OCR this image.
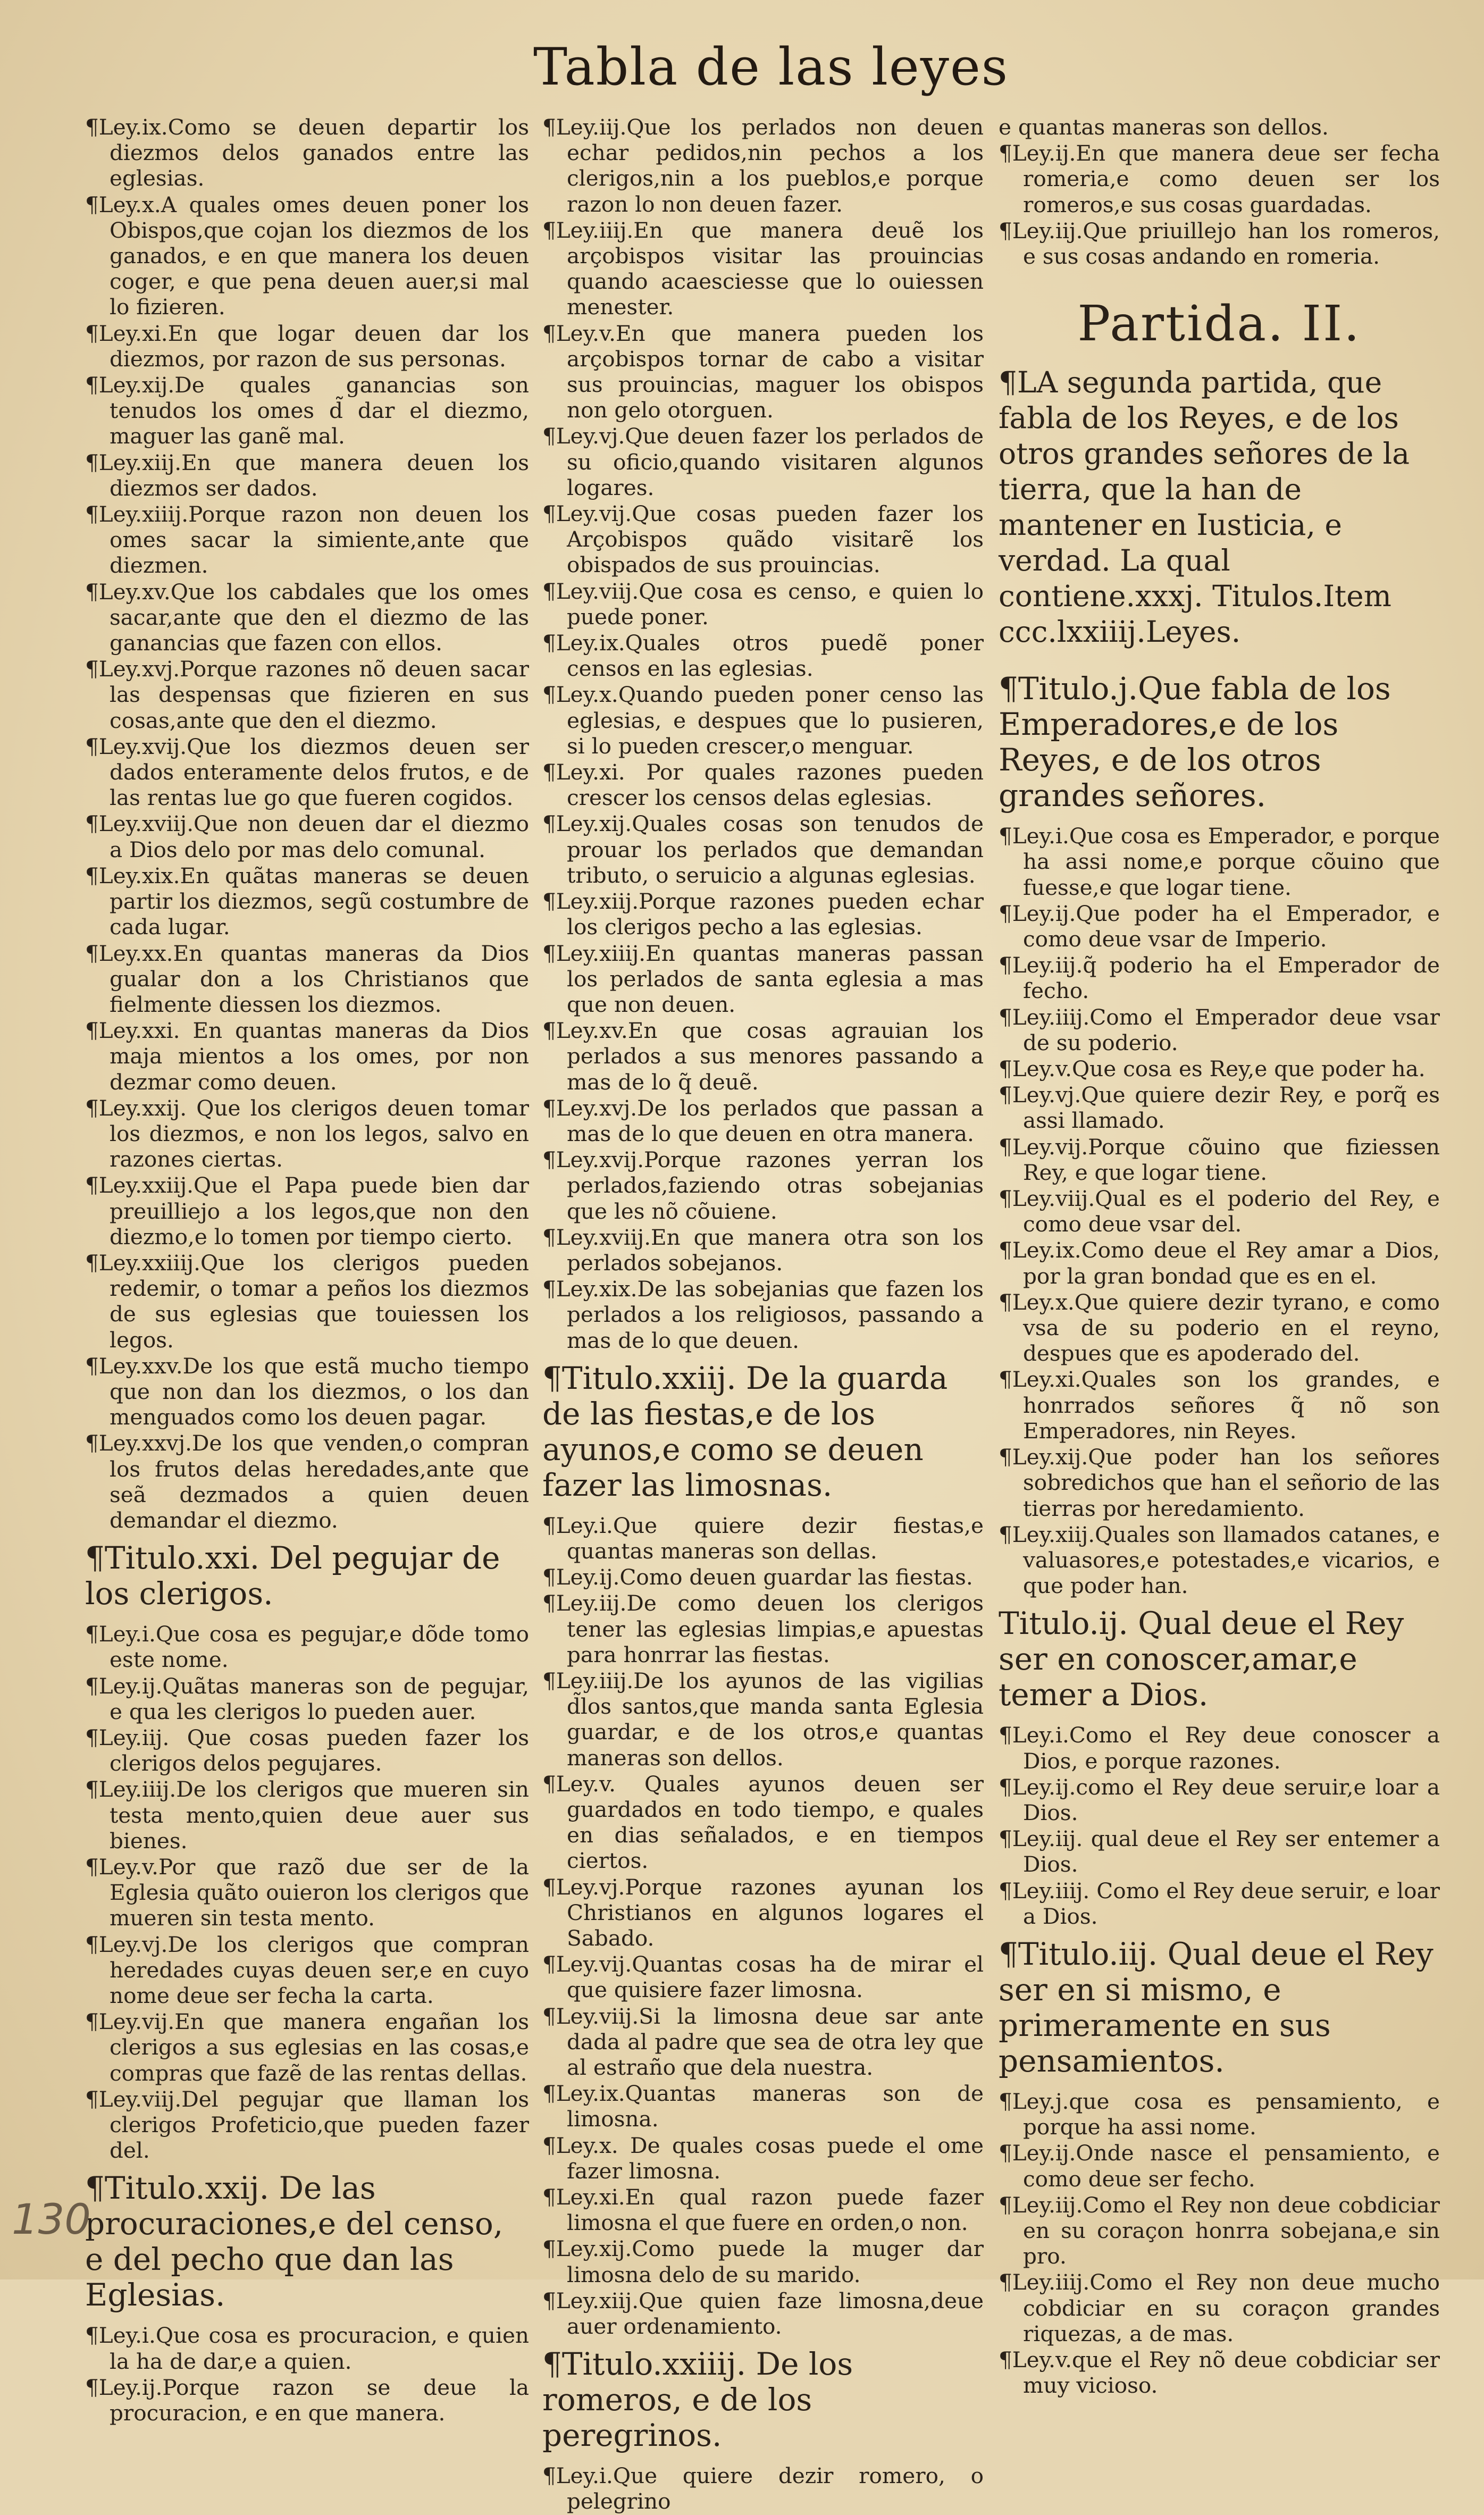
Tabla de las leyes
¶Ley.ix.Como se deuen departir los diezmos delos ganados entre las eglesias.
¶Ley.x.A quales omes deuen poner los Obispos,que cojan los diezmos de los ganados, e en que manera los deuen coger, e que pena deuen auer,si mal lo fizieren.
¶Ley.xi.En que logar deuen dar los diezmos, por razon de sus personas.
¶Ley.xij.De quales ganancias son tenudos los omes d̃ dar el diezmo, maguer las ganẽ mal.
¶Ley.xiij.En que manera deuen los diezmos ser dados.
¶Ley.xiiij.Porque razon non deuen los omes sacar la simiente,ante que diezmen.
¶Ley.xv.Que los cabdales que los omes sacar,ante que den el diezmo de las ganancias que fazen con ellos.
¶Ley.xvj.Porque razones nõ deuen sacar las despensas que fizieren en sus cosas,ante que den el diezmo.
¶Ley.xvij.Que los diezmos deuen ser dados enteramente delos frutos, e de las rentas lue go que fueren cogidos.
¶Ley.xviij.Que non deuen dar el diezmo a Dios delo por mas delo comunal.
¶Ley.xix.En quãtas maneras se deuen partir los diezmos, segũ costumbre de cada lugar.
¶Ley.xx.En quantas maneras da Dios gualar don a los Christianos que fielmente diessen los diezmos.
¶Ley.xxi. En quantas maneras da Dios maja mientos a los omes, por non dezmar como deuen.
¶Ley.xxij. Que los clerigos deuen tomar los diezmos, e non los legos, salvo en razones ciertas.
¶Ley.xxiij.Que el Papa puede bien dar preuilliejo a los legos,que non den diezmo,e lo tomen por tiempo cierto.
¶Ley.xxiiij.Que los clerigos pueden redemir, o tomar a peños los diezmos de sus eglesias que touiessen los legos.
¶Ley.xxv.De los que estã mucho tiempo que non dan los diezmos, o los dan menguados como los deuen pagar.
¶Ley.xxvj.De los que venden,o compran los frutos delas heredades,ante que seã dezmados a quien deuen demandar el diezmo.
¶Titulo.xxi. Del pegujar de los clerigos.
¶Ley.i.Que cosa es pegujar,e dõde tomo este nome.
¶Ley.ij.Quãtas maneras son de pegujar, e qua les clerigos lo pueden auer.
¶Ley.iij. Que cosas pueden fazer los clerigos delos pegujares.
¶Ley.iiij.De los clerigos que mueren sin testa mento,quien deue auer sus bienes.
¶Ley.v.Por que razõ due ser de la Eglesia quãto ouieron los clerigos que mueren sin testa mento.
¶Ley.vj.De los clerigos que compran heredades cuyas deuen ser,e en cuyo nome deue ser fecha la carta.
¶Ley.vij.En que manera engañan los clerigos a sus eglesias en las cosas,e compras que fazẽ de las rentas dellas.
¶Ley.viij.Del pegujar que llaman los clerigos Profeticio,que pueden fazer del.
¶Titulo.xxij. De las procuraciones,e del censo, e del pecho que dan las Eglesias.
¶Ley.i.Que cosa es procuracion, e quien la ha de dar,e a quien.
¶Ley.ij.Porque razon se deue la procuracion, e en que manera.
¶Ley.iij.Que los perlados non deuen echar pedidos,nin pechos a los clerigos,nin a los pueblos,e porque razon lo non deuen fazer.
¶Ley.iiij.En que manera deuẽ los arçobispos visitar las prouincias quando acaesciesse que lo ouiessen menester.
¶Ley.v.En que manera pueden los arçobispos tornar de cabo a visitar sus prouincias, maguer los obispos non gelo otorguen.
¶Ley.vj.Que deuen fazer los perlados de su oficio,quando visitaren algunos logares.
¶Ley.vij.Que cosas pueden fazer los Arçobispos quãdo visitarẽ los obispados de sus prouincias.
¶Ley.viij.Que cosa es censo, e quien lo puede poner.
¶Ley.ix.Quales otros puedẽ poner censos en las eglesias.
¶Ley.x.Quando pueden poner censo las eglesias, e despues que lo pusieren, si lo pueden crescer,o menguar.
¶Ley.xi. Por quales razones pueden crescer los censos delas eglesias.
¶Ley.xij.Quales cosas son tenudos de prouar los perlados que demandan tributo, o seruicio a algunas eglesias.
¶Ley.xiij.Porque razones pueden echar los clerigos pecho a las eglesias.
¶Ley.xiiij.En quantas maneras passan los perlados de santa eglesia a mas que non deuen.
¶Ley.xv.En que cosas agrauian los perlados a sus menores passando a mas de lo q̃ deuẽ.
¶Ley.xvj.De los perlados que passan a mas de lo que deuen en otra manera.
¶Ley.xvij.Porque razones yerran los perlados,faziendo otras sobejanias que les nõ cõuiene.
¶Ley.xviij.En que manera otra son los perlados sobejanos.
¶Ley.xix.De las sobejanias que fazen los perlados a los religiosos, passando a mas de lo que deuen.
¶Titulo.xxiij. De la guarda de las fiestas,e de los ayunos,e como se deuen fazer las limosnas.
¶Ley.i.Que quiere dezir fiestas,e quantas maneras son dellas.
¶Ley.ij.Como deuen guardar las fiestas.
¶Ley.iij.De como deuen los clerigos tener las eglesias limpias,e apuestas para honrrar las fiestas.
¶Ley.iiij.De los ayunos de las vigilias d̃los santos,que manda santa Eglesia guardar, e de los otros,e quantas maneras son dellos.
¶Ley.v. Quales ayunos deuen ser guardados en todo tiempo, e quales en dias señalados, e en tiempos ciertos.
¶Ley.vj.Porque razones ayunan los Christianos en algunos logares el Sabado.
¶Ley.vij.Quantas cosas ha de mirar el que quisiere fazer limosna.
¶Ley.viij.Si la limosna deue sar ante dada al padre que sea de otra ley que al estraño que dela nuestra.
¶Ley.ix.Quantas maneras son de limosna.
¶Ley.x. De quales cosas puede el ome fazer limosna.
¶Ley.xi.En qual razon puede fazer limosna el que fuere en orden,o non.
¶Ley.xij.Como puede la muger dar limosna delo de su marido.
¶Ley.xiij.Que quien faze limosna,deue auer ordenamiento.
¶Titulo.xxiiij. De los romeros, e de los peregrinos.
¶Ley.i.Que quiere dezir romero, o pelegrino
e quantas maneras son dellos.
¶Ley.ij.En que manera deue ser fecha romeria,e como deuen ser los romeros,e sus cosas guardadas.
¶Ley.iij.Que priuillejo han los romeros, e sus cosas andando en romeria.
Partida. II.
¶LA segunda partida, que fabla de los Reyes, e de los otros grandes señores de la tierra, que la han de mantener en Iusticia, e verdad. La qual contiene.xxxj. Titulos.Item ccc.lxxiiij.Leyes.
¶Titulo.j.Que fabla de los Emperadores,e de los Reyes, e de los otros grandes señores.
¶Ley.i.Que cosa es Emperador, e porque ha assi nome,e porque cõuino que fuesse,e que logar tiene.
¶Ley.ij.Que poder ha el Emperador, e como deue vsar de Imperio.
¶Ley.iij.q̃ poderio ha el Emperador de fecho.
¶Ley.iiij.Como el Emperador deue vsar de su poderio.
¶Ley.v.Que cosa es Rey,e que poder ha.
¶Ley.vj.Que quiere dezir Rey, e porq̃ es assi llamado.
¶Ley.vij.Porque cõuino que fiziessen Rey, e que logar tiene.
¶Ley.viij.Qual es el poderio del Rey, e como deue vsar del.
¶Ley.ix.Como deue el Rey amar a Dios, por la gran bondad que es en el.
¶Ley.x.Que quiere dezir tyrano, e como vsa de su poderio en el reyno, despues que es apoderado del.
¶Ley.xi.Quales son los grandes, e honrrados señores q̃ nõ son Emperadores, nin Reyes.
¶Ley.xij.Que poder han los señores sobredichos que han el señorio de las tierras por heredamiento.
¶Ley.xiij.Quales son llamados catanes, e valuasores,e potestades,e vicarios, e que poder han.
Titulo.ij. Qual deue el Rey ser en conoscer,amar,e temer a Dios.
¶Ley.i.Como el Rey deue conoscer a Dios, e porque razones.
¶Ley.ij.como el Rey deue seruir,e loar a Dios.
¶Ley.iij. qual deue el Rey ser entemer a Dios.
¶Ley.iiij. Como el Rey deue seruir, e loar a Dios.
¶Titulo.iij. Qual deue el Rey ser en si mismo, e primeramente en sus pensamientos.
¶Ley.j.que cosa es pensamiento, e porque ha assi nome.
¶Ley.ij.Onde nasce el pensamiento, e como deue ser fecho.
¶Ley.iij.Como el Rey non deue cobdiciar en su coraçon honrra sobejana,e sin pro.
¶Ley.iiij.Como el Rey non deue mucho cobdiciar en su coraçon grandes riquezas, a de mas.
¶Ley.v.que el Rey nõ deue cobdiciar ser muy vicioso.
130
